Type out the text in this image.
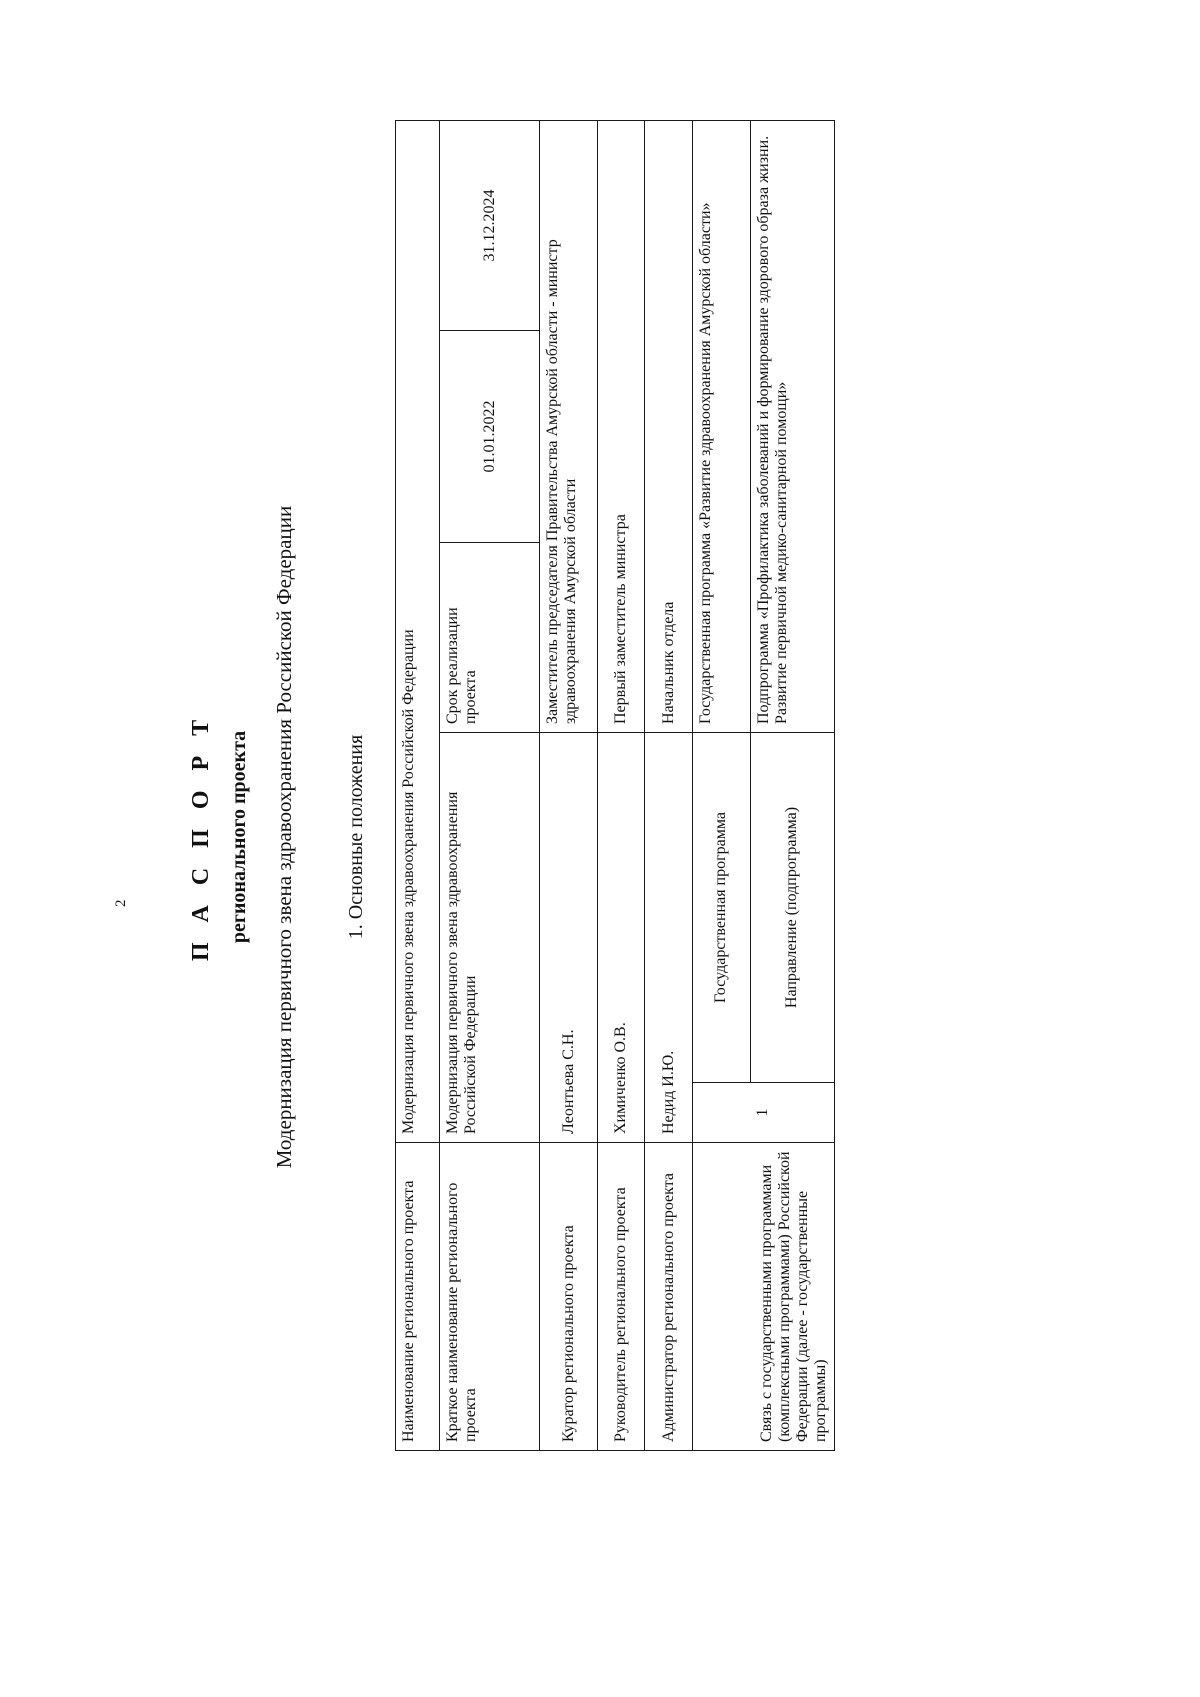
2 П А С П О Р Т регионального проекта Модернизация первичного звена здравоохранения Российской Федерации 1. Основные положения
Наименование регионального проекта	Модернизация первичного звена здравоохранения Российской Федерации				
Краткое наименование регионального проекта	Модернизация первичного звена здравоохранения Российской Федерации		Срок реализации проекта	01.01.2022	31.12.2024
Куратор регионального проекта	Леонтьева С.Н.		Заместитель председателя Правительства Амурской области - министр здравоохранения Амурской области		
Руководитель регионального проекта	Химиченко О.В.		Первый заместитель министра		
Администратор регионального проекта	Недид И.Ю.		Начальник отдела		
Связь с государственными программами (комплексными программами) Российской Федерации (далее - государственные программы)	1	Государственная программа	Государственная программа «Развитие здравоохранения Амурской области»		
		Направление (подпрограмма)	Подпрограмма «Профилактика заболеваний и формирование здорового образа жизни. Развитие первичной медико-санитарной помощи»		
